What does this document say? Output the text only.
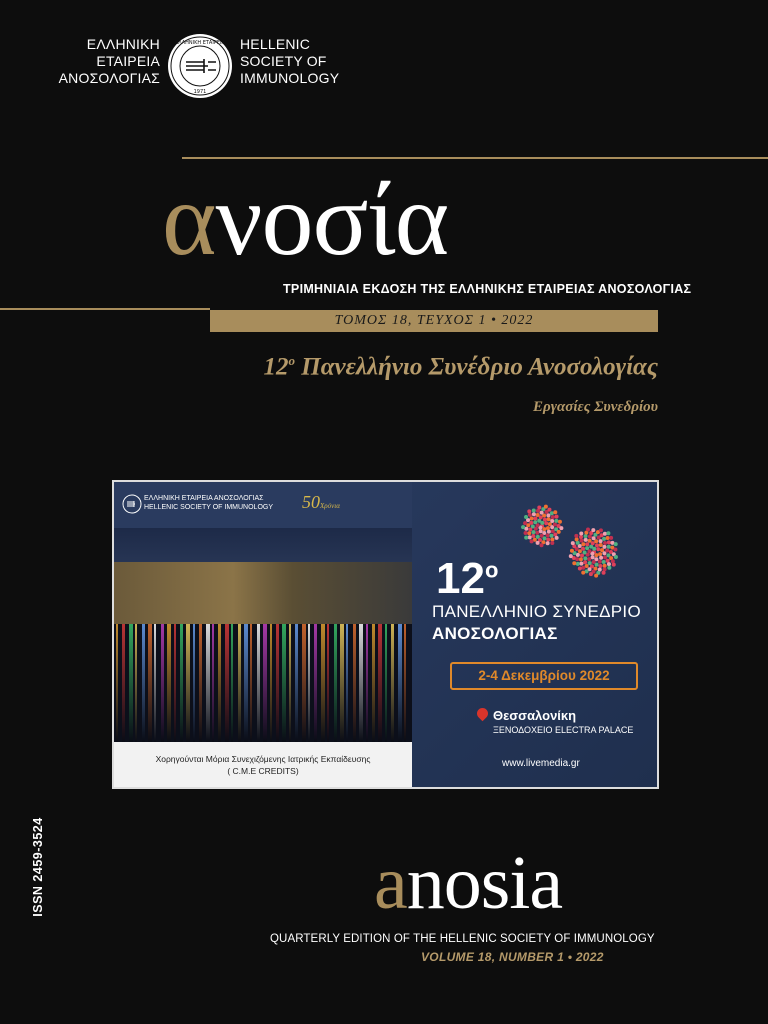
ΕΛΛΗΝΙΚΗ
ΕΤΑΙΡΕΙΑ
ΑΝΟΣΟΛΟΓΙΑΣ
ΕΛΛΗΝΙΚΗ ΕΤΑΙΡΕΙΑ
1971
HELLENIC
SOCIETY OF
IMMUNOLOGY
ανοσία
ΤΡΙΜΗΝΙΑΙΑ ΕΚΔΟΣΗ ΤΗΣ ΕΛΛΗΝΙΚΗΣ ΕΤΑΙΡΕΙΑΣ ΑΝΟΣΟΛΟΓΙΑΣ
ΤΟΜΟΣ 18, ΤΕΥΧΟΣ 1 • 2022
$12^o$ Πανελλήνιο Συνέδριο Ανοσολογίας
Εργασίες Συνεδρίου
ΕΛΛΗΝΙΚΗ ΕΤΑΙΡΕΙΑ ΑΝΟΣΟΛΟΓΙΑΣ
HELLENIC SOCIETY OF IMMUNOLOGY 50Χρόνια
Χορηγούνται Μόρια Συνεχιζόμενης Ιατρικής Εκπαίδευσης
( C.M.E CREDITS)
12$^o$
ΠΑΝΕΛΛΗΝΙΟ ΣΥΝΕΔΡΙΟ
ΑΝΟΣΟΛΟΓΙΑΣ
2-4 Δεκεμβρίου 2022
Θεσσαλονίκη
ΞΕΝΟΔΟΧΕΙΟ ELECTRA PALACE
www.livemedia.gr
ISSN 2459-3524	anosia
QUARTERLY EDITION OF THE HELLENIC SOCIETY OF IMMUNOLOGY
VOLUME 18, NUMBER 1 • 2022
